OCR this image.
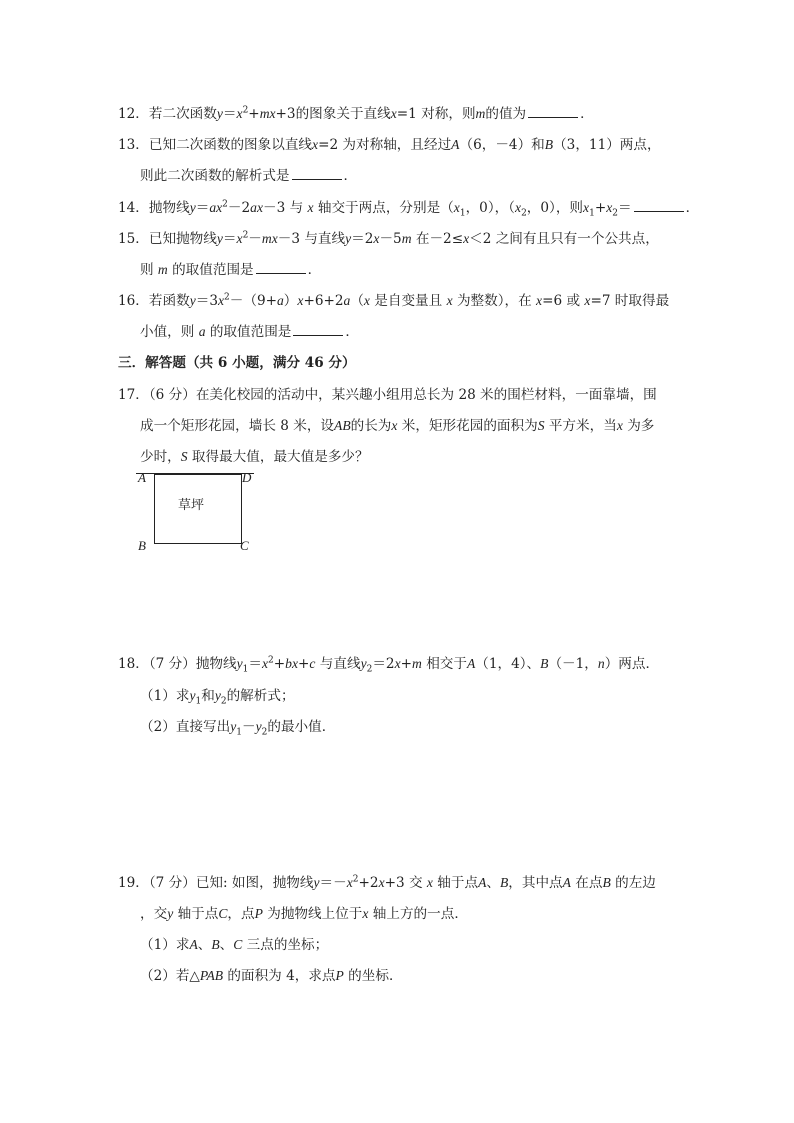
12．若二次函数$y=x^2+mx+3$的图象关于直线x=1 对称，则m的值为	．
13．已知二次函数的图象以直线x=2 为对称轴，且经过A（6，－4）和B（3，11）两点，
则此二次函数的解析式是	．
14．抛物线$y=ax^2-2ax-3$ 与 x 轴交于两点，分别是（$x_1$，0），（$x_2$，0），则$x_1+x_2=$	．
15．已知抛物线$y=x^2-mx-3$ 与直线y＝2x－5m 在－2≤x＜2 之间有且只有一个公共点，
则 m 的取值范围是	．
16．若函数$y=3x^2-(9+a)x+6+2a(x$ 是自变量且 x 为整数），在 x=6 或 x=7 时取得最
小值，则 a 的取值范围是	．
三．解答题（共 6 小题，满分 46 分）
17．（6 分）在美化校园的活动中，某兴趣小组用总长为 28 米的围栏材料，一面靠墙，围
成一个矩形花园，墙长 8 米，设AB的长为x 米，矩形花园的面积为S 平方米，当x 为多
少时，S 取得最大值，最大值是多少？
A	D
B	C
草坪
18．（7 分）抛物线$y_1=x^2+bx+c$ 与直线$y_2=2x+m$ 相交于A（1，4）、B（－1，n）两点．
（1）求$y_1$和$y_2$的解析式；
（2）直接写出$y_1-y_2$的最小值．
19．（7 分）已知: 如图，抛物线$y=-x^2+2x+3$ 交 x 轴于点A、B，其中点A 在点B 的左边
，交y 轴于点C，点P 为抛物线上位于x 轴上方的一点．
（1）求A、B、C 三点的坐标；
（2）若△PAB 的面积为 4，求点P 的坐标．
